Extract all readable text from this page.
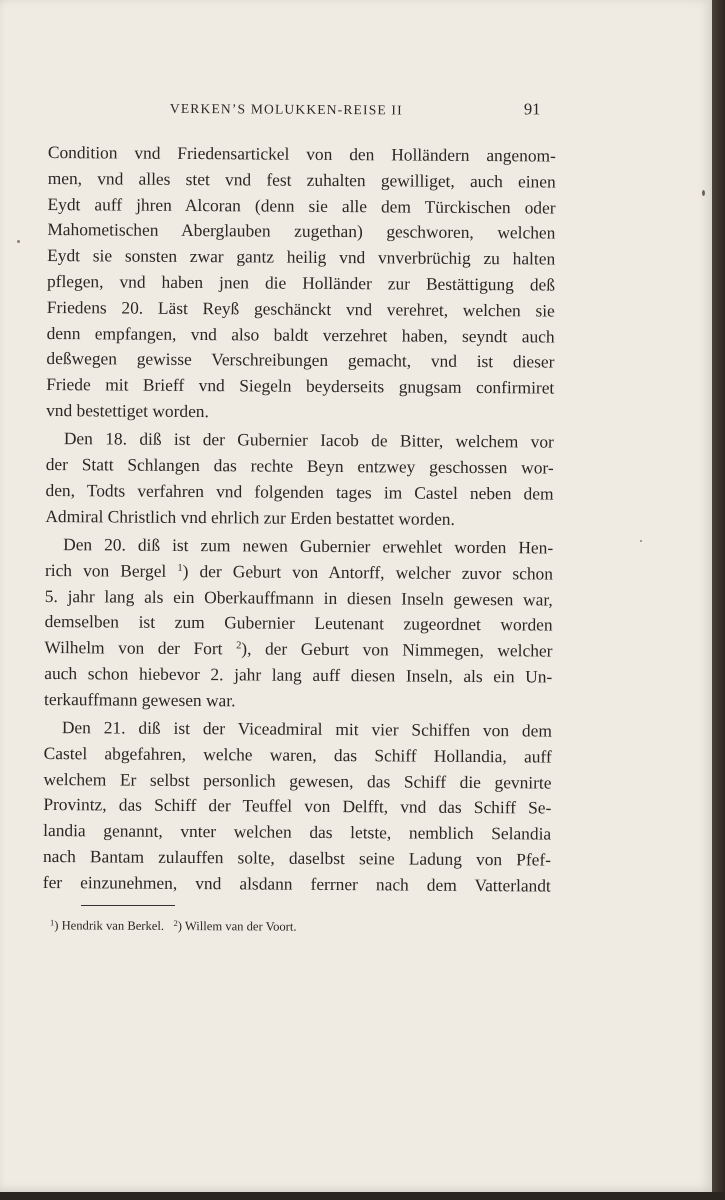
VERKEN’S MOLUKKEN-REISE II	91
Condition vnd Friedensartickel von den Holländern angenom-
men, vnd alles stet vnd fest zuhalten gewilliget, auch einen
Eydt auff jhren Alcoran (denn sie alle dem Türckischen oder
Mahometischen Aberglauben zugethan) geschworen, welchen
Eydt sie sonsten zwar gantz heilig vnd vnverbrüchig zu halten
pflegen, vnd haben jnen die Holländer zur Bestättigung deß
Friedens 20. Läst Reyß geschänckt vnd verehret, welchen sie
denn empfangen, vnd also baldt verzehret haben, seyndt auch
deßwegen gewisse Verschreibungen gemacht, vnd ist dieser
Friede mit Brieff vnd Siegeln beyderseits gnugsam confirmiret
vnd bestettiget worden.
Den 18. diß ist der Gubernier Iacob de Bitter, welchem vor
der Statt Schlangen das rechte Beyn entzwey geschossen wor-
den, Todts verfahren vnd folgenden tages im Castel neben dem
Admiral Christlich vnd ehrlich zur Erden bestattet worden.
Den 20. diß ist zum newen Gubernier erwehlet worden Hen-
rich von Bergel $^1$) der Geburt von Antorff, welcher zuvor schon
5. jahr lang als ein Oberkauffmann in diesen Inseln gewesen war,
demselben ist zum Gubernier Leutenant zugeordnet worden
Wilhelm von der Fort $^2$), der Geburt von Nimmegen, welcher
auch schon hiebevor 2. jahr lang auff diesen Inseln, als ein Un-
terkauffmann gewesen war.
Den 21. diß ist der Viceadmiral mit vier Schiffen von dem
Castel abgefahren, welche waren, das Schiff Hollandia, auff
welchem Er selbst personlich gewesen, das Schiff die gevnirte
Provintz, das Schiff der Teuffel von Delfft, vnd das Schiff Se-
landia genannt, vnter welchen das letste, nemblich Selandia
nach Bantam zulauffen solte, daselbst seine Ladung von Pfef-
fer einzunehmen, vnd alsdann ferrner nach dem Vatterlandt
$^1$) Hendrik van Berkel. $^2$) Willem van der Voort.
